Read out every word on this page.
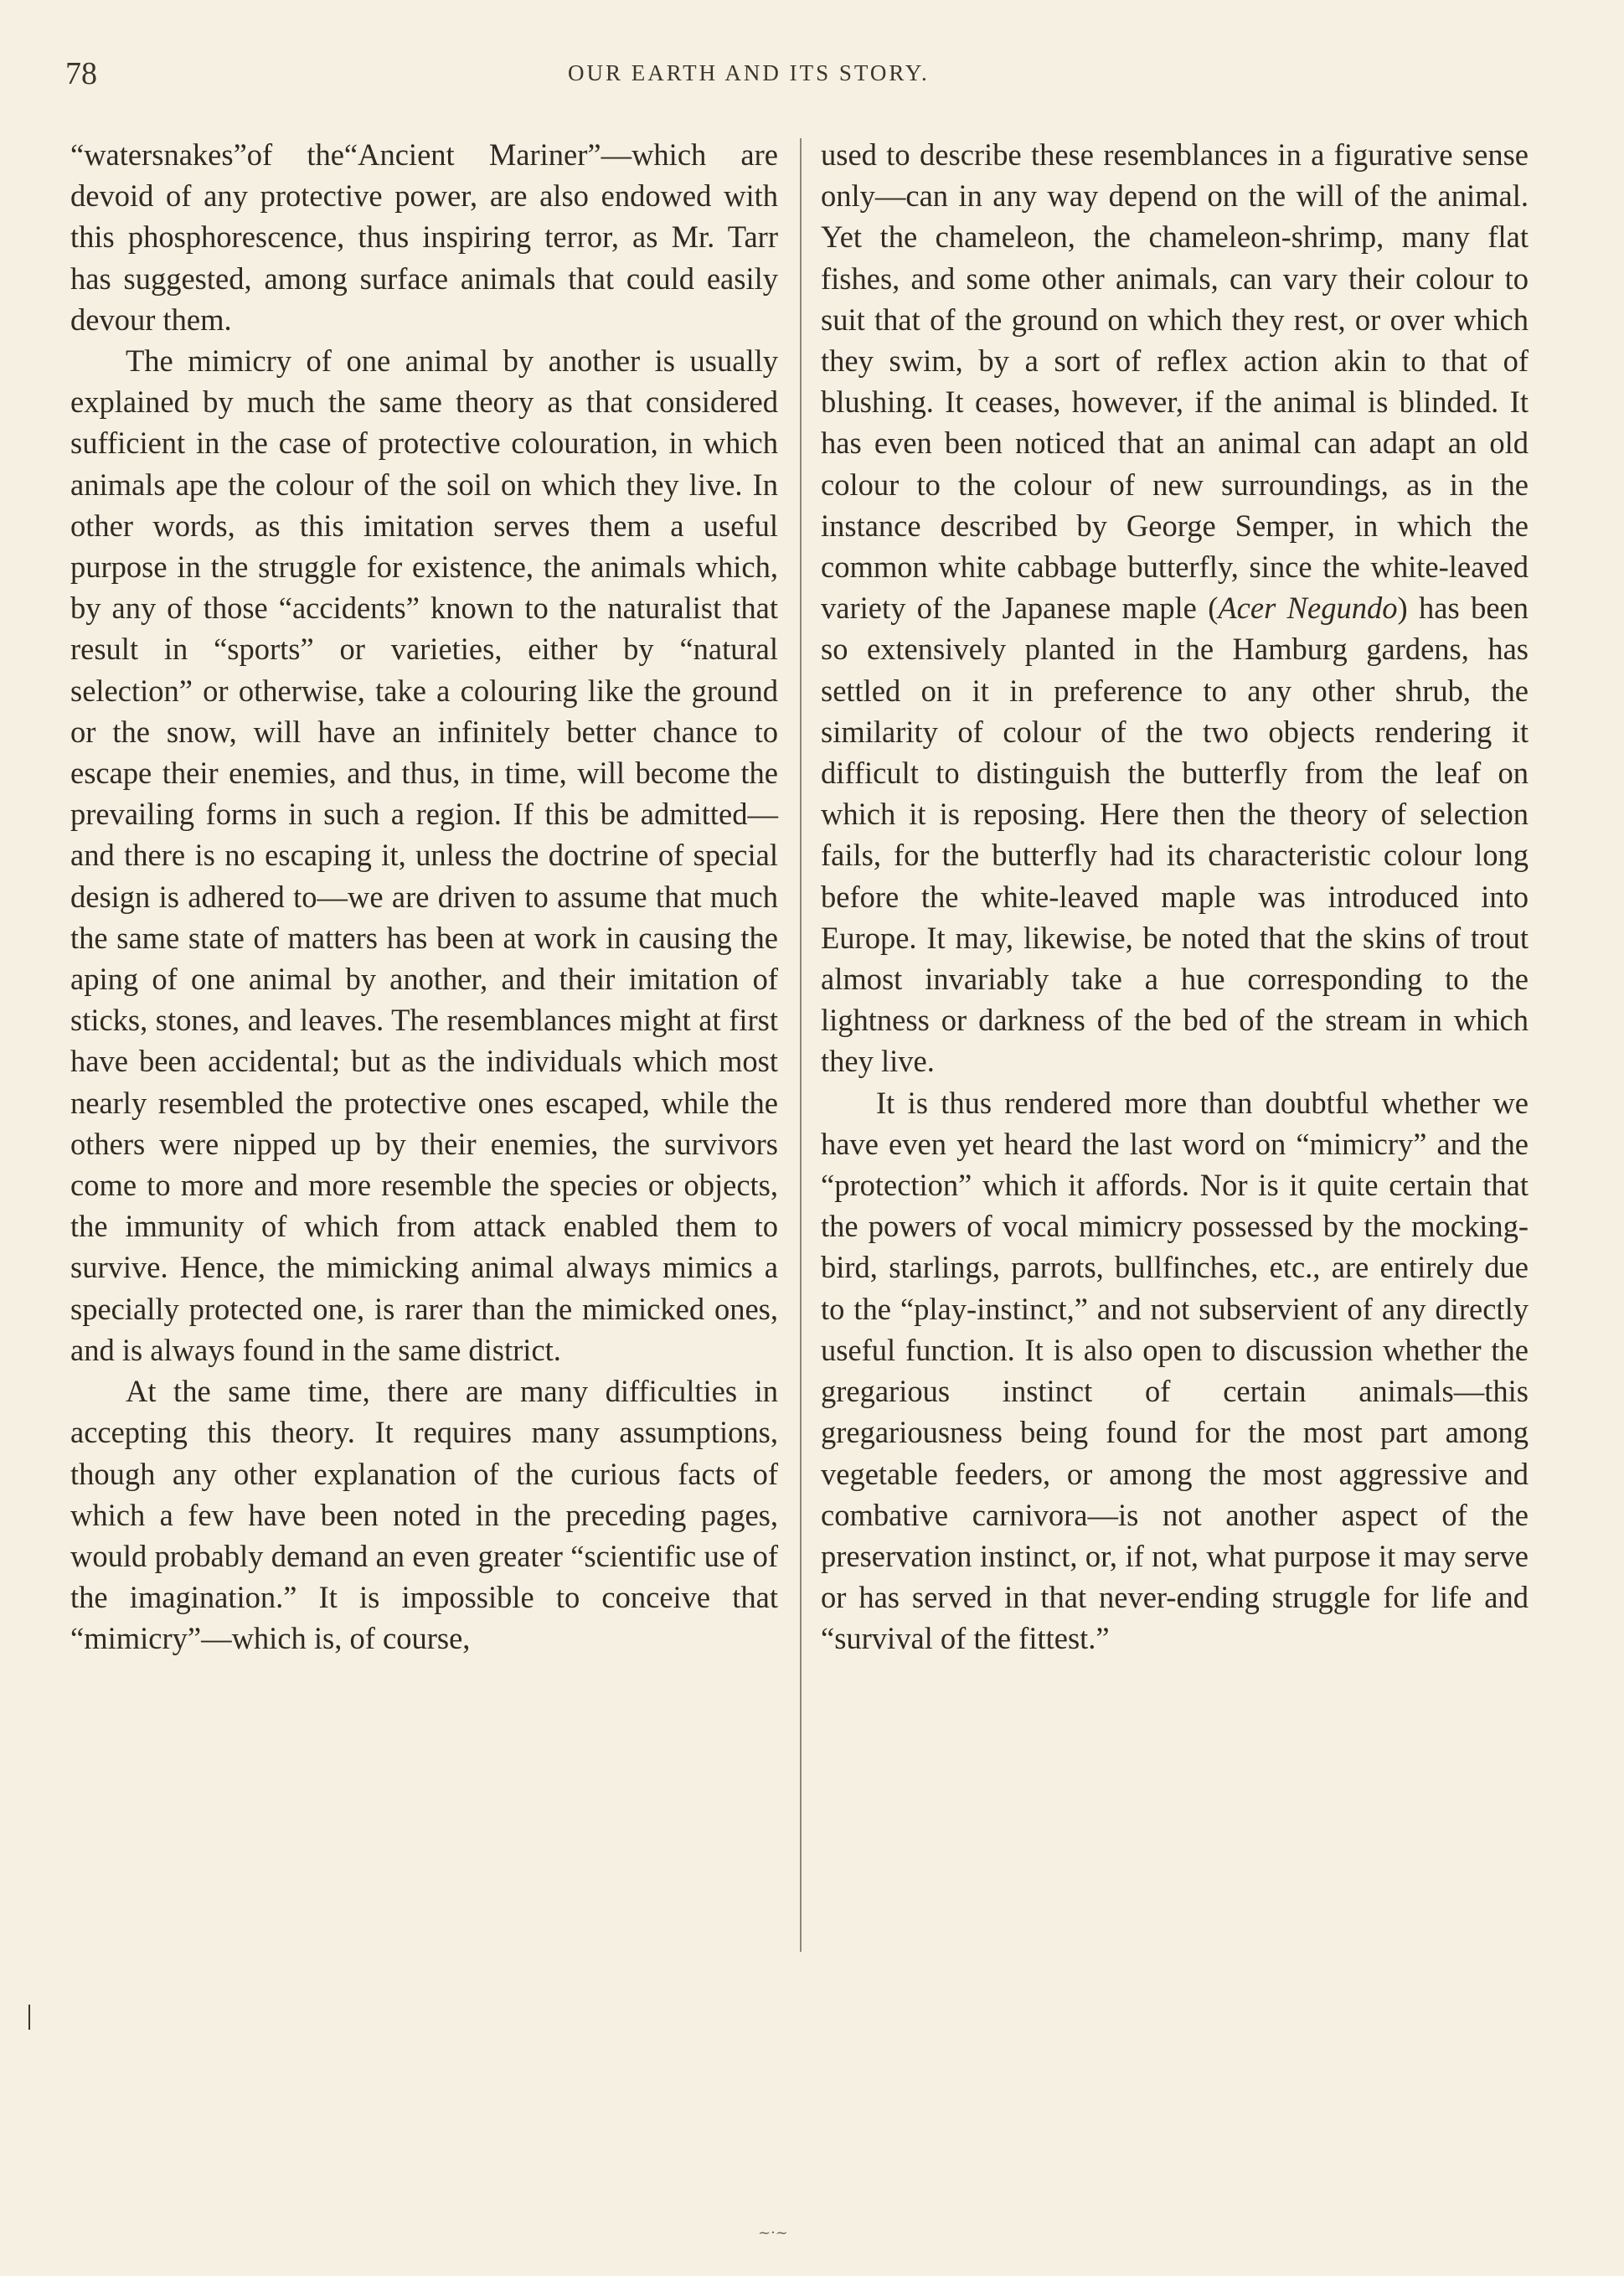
78	OUR EARTH AND ITS STORY.

“watersnakes”of the“Ancient Mariner”—which are devoid of any protective power, are also endowed with this phosphorescence, thus inspiring terror, as Mr. Tarr has suggested, among surface animals that could easily devour them.

The mimicry of one animal by another is usually explained by much the same theory as that considered sufficient in the case of protective colouration, in which animals ape the colour of the soil on which they live. In other words, as this imitation serves them a useful purpose in the struggle for existence, the animals which, by any of those “accidents” known to the naturalist that result in “sports” or varieties, either by “natural selection” or otherwise, take a colouring like the ground or the snow, will have an infinitely better chance to escape their enemies, and thus, in time, will become the prevailing forms in such a region. If this be admitted—and there is no escaping it, unless the doctrine of special design is adhered to—we are driven to assume that much the same state of matters has been at work in causing the aping of one animal by another, and their imitation of sticks, stones, and leaves. The resemblances might at first have been accidental; but as the individuals which most nearly resembled the protective ones escaped, while the others were nipped up by their enemies, the survivors come to more and more resemble the species or objects, the immunity of which from attack enabled them to survive. Hence, the mimicking animal always mimics a specially protected one, is rarer than the mimicked ones, and is always found in the same district.

At the same time, there are many difficulties in accepting this theory. It requires many assumptions, though any other explanation of the curious facts of which a few have been noted in the preceding pages, would probably demand an even greater “scientific use of the imagination.” It is impossible to conceive that “mimicry”—which is, of course,

used to describe these resemblances in a figurative sense only—can in any way depend on the will of the animal. Yet the chameleon, the chameleon-shrimp, many flat fishes, and some other animals, can vary their colour to suit that of the ground on which they rest, or over which they swim, by a sort of reflex action akin to that of blushing. It ceases, however, if the animal is blinded. It has even been noticed that an animal can adapt an old colour to the colour of new surroundings, as in the instance described by George Semper, in which the common white cabbage butterfly, since the white-leaved variety of the Japanese maple (Acer Negundo) has been so extensively planted in the Hamburg gardens, has settled on it in preference to any other shrub, the similarity of colour of the two objects rendering it difficult to distinguish the butterfly from the leaf on which it is reposing. Here then the theory of selection fails, for the butterfly had its characteristic colour long before the white-leaved maple was introduced into Europe. It may, likewise, be noted that the skins of trout almost invariably take a hue corresponding to the lightness or darkness of the bed of the stream in which they live.

It is thus rendered more than doubtful whether we have even yet heard the last word on “mimicry” and the “protection” which it affords. Nor is it quite certain that the powers of vocal mimicry possessed by the mocking-bird, starlings, parrots, bullfinches, etc., are entirely due to the “play-instinct,” and not subservient of any directly useful function. It is also open to discussion whether the gregarious instinct of certain animals—this gregariousness being found for the most part among vegetable feeders, or among the most aggressive and combative carnivora—is not another aspect of the preservation instinct, or, if not, what purpose it may serve or has served in that never-ending struggle for life and “survival of the fittest.”

~·~
